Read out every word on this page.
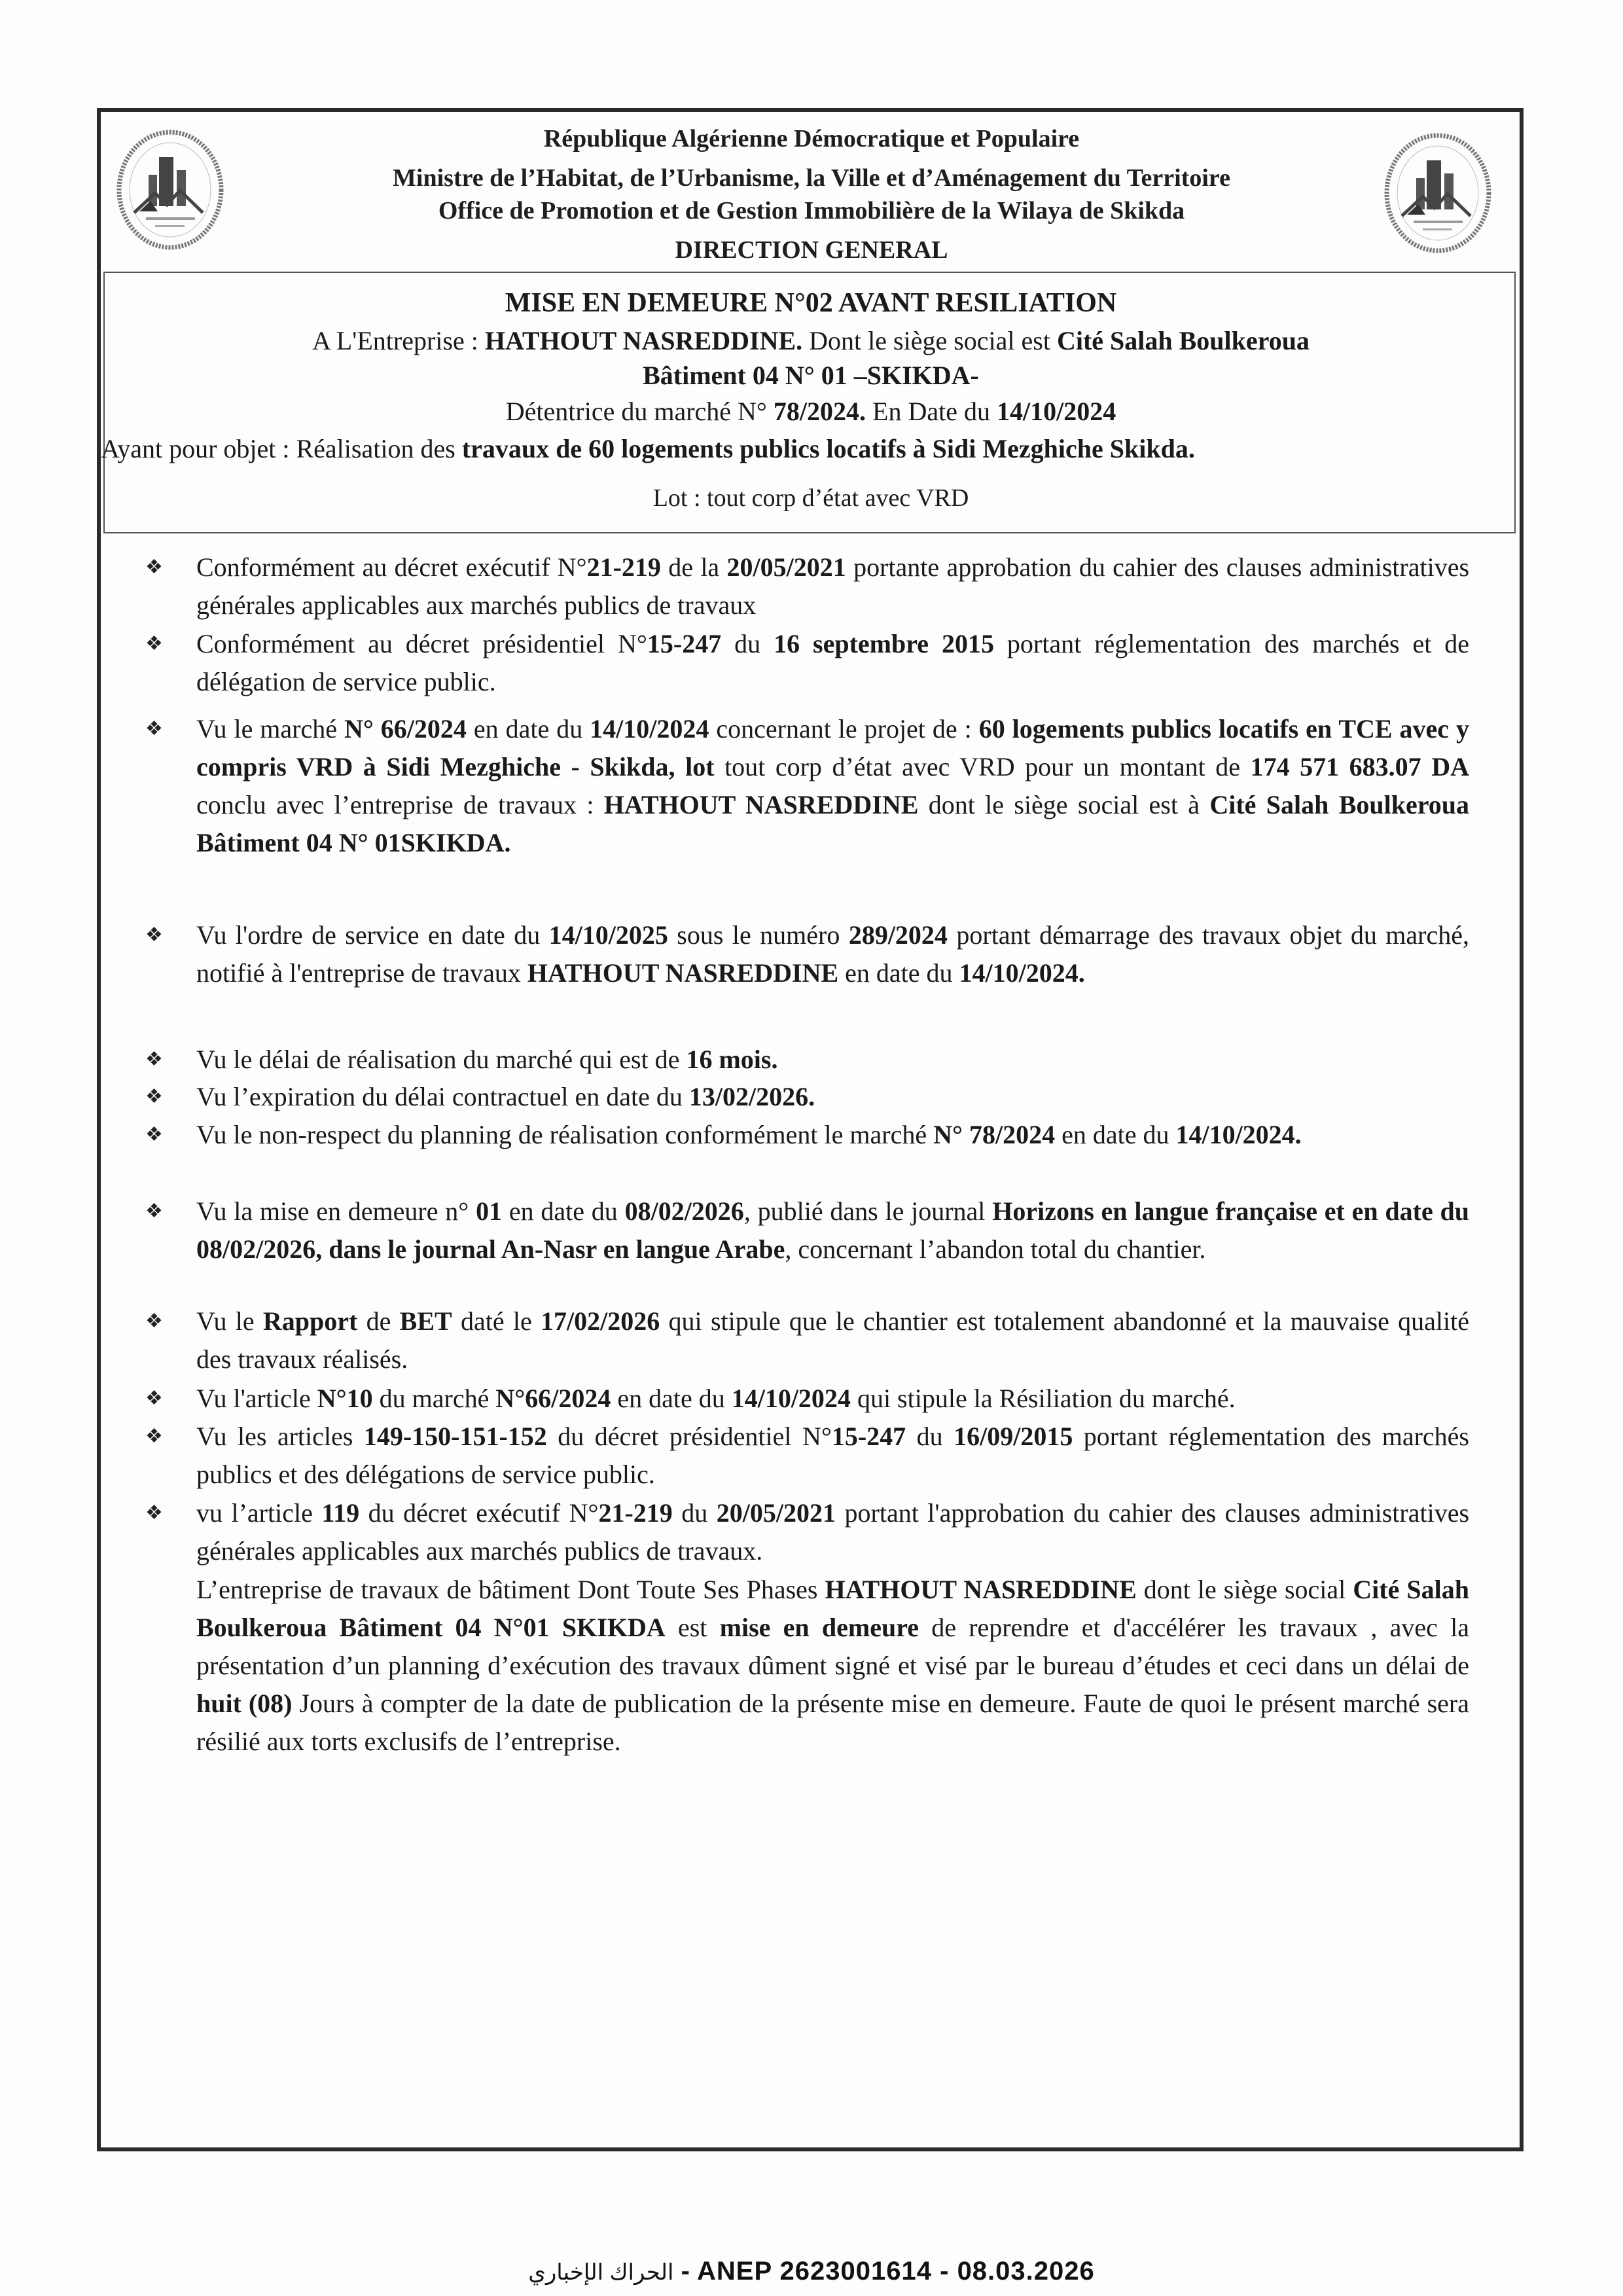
République Algérienne Démocratique et Populaire
Ministre de l’Habitat, de l’Urbanisme, la Ville et d’Aménagement du Territoire
Office de Promotion et de Gestion Immobilière de la Wilaya de Skikda
DIRECTION GENERAL
MISE EN DEMEURE N°02 AVANT RESILIATION
A L'Entreprise : HATHOUT NASREDDINE. Dont le siège social est Cité Salah Boulkeroua
Bâtiment 04 N° 01 –SKIKDA-
Détentrice du marché N° 78/2024. En Date du 14/10/2024
Ayant pour objet : Réalisation des travaux de 60 logements publics locatifs à Sidi Mezghiche Skikda.
Lot : tout corp d’état avec VRD
❖ Conformément au décret exécutif N°21-219 de la 20/05/2021 portante approbation du cahier des clauses administratives générales applicables aux marchés publics de travaux
❖ Conformément au décret présidentiel N°15-247 du 16 septembre 2015 portant réglementation des marchés et de délégation de service public.
❖ Vu le marché N° 66/2024 en date du 14/10/2024 concernant le projet de : 60 logements publics locatifs en TCE avec y compris VRD à Sidi Mezghiche - Skikda, lot tout corp d’état avec VRD pour un montant de 174 571 683.07 DA conclu avec l’entreprise de travaux : HATHOUT NASREDDINE dont le siège social est à Cité Salah Boulkeroua Bâtiment 04 N° 01SKIKDA.
❖ Vu l'ordre de service en date du 14/10/2025 sous le numéro 289/2024 portant démarrage des travaux objet du marché, notifié à l'entreprise de travaux HATHOUT NASREDDINE en date du 14/10/2024.
❖ Vu le délai de réalisation du marché qui est de 16 mois.
❖ Vu l’expiration du délai contractuel en date du 13/02/2026.
❖ Vu le non-respect du planning de réalisation conformément le marché N° 78/2024 en date du 14/10/2024.
❖ Vu la mise en demeure n° 01 en date du 08/02/2026, publié dans le journal Horizons en langue française et en date du 08/02/2026, dans le journal An-Nasr en langue Arabe, concernant l’abandon total du chantier.
❖ Vu le Rapport de BET daté le 17/02/2026 qui stipule que le chantier est totalement abandonné et la mauvaise qualité des travaux réalisés.
❖ Vu l'article N°10 du marché N°66/2024 en date du 14/10/2024 qui stipule la Résiliation du marché.
❖ Vu les articles 149-150-151-152 du décret présidentiel N°15-247 du 16/09/2015 portant réglementation des marchés publics et des délégations de service public.
❖ vu l’article 119 du décret exécutif N°21-219 du 20/05/2021 portant l'approbation du cahier des clauses administratives générales applicables aux marchés publics de travaux.
L’entreprise de travaux de bâtiment Dont Toute Ses Phases HATHOUT NASREDDINE dont le siège social Cité Salah Boulkeroua Bâtiment 04 N°01 SKIKDA est mise en demeure de reprendre et d'accélérer les travaux , avec la présentation d’un planning d’exécution des travaux dûment signé et visé par le bureau d’études et ceci dans un délai de huit (08) Jours à compter de la date de publication de la présente mise en demeure. Faute de quoi le présent marché sera résilié aux torts exclusifs de l’entreprise.
الحراك الإخباري - ANEP 2623001614 - 08.03.2026
